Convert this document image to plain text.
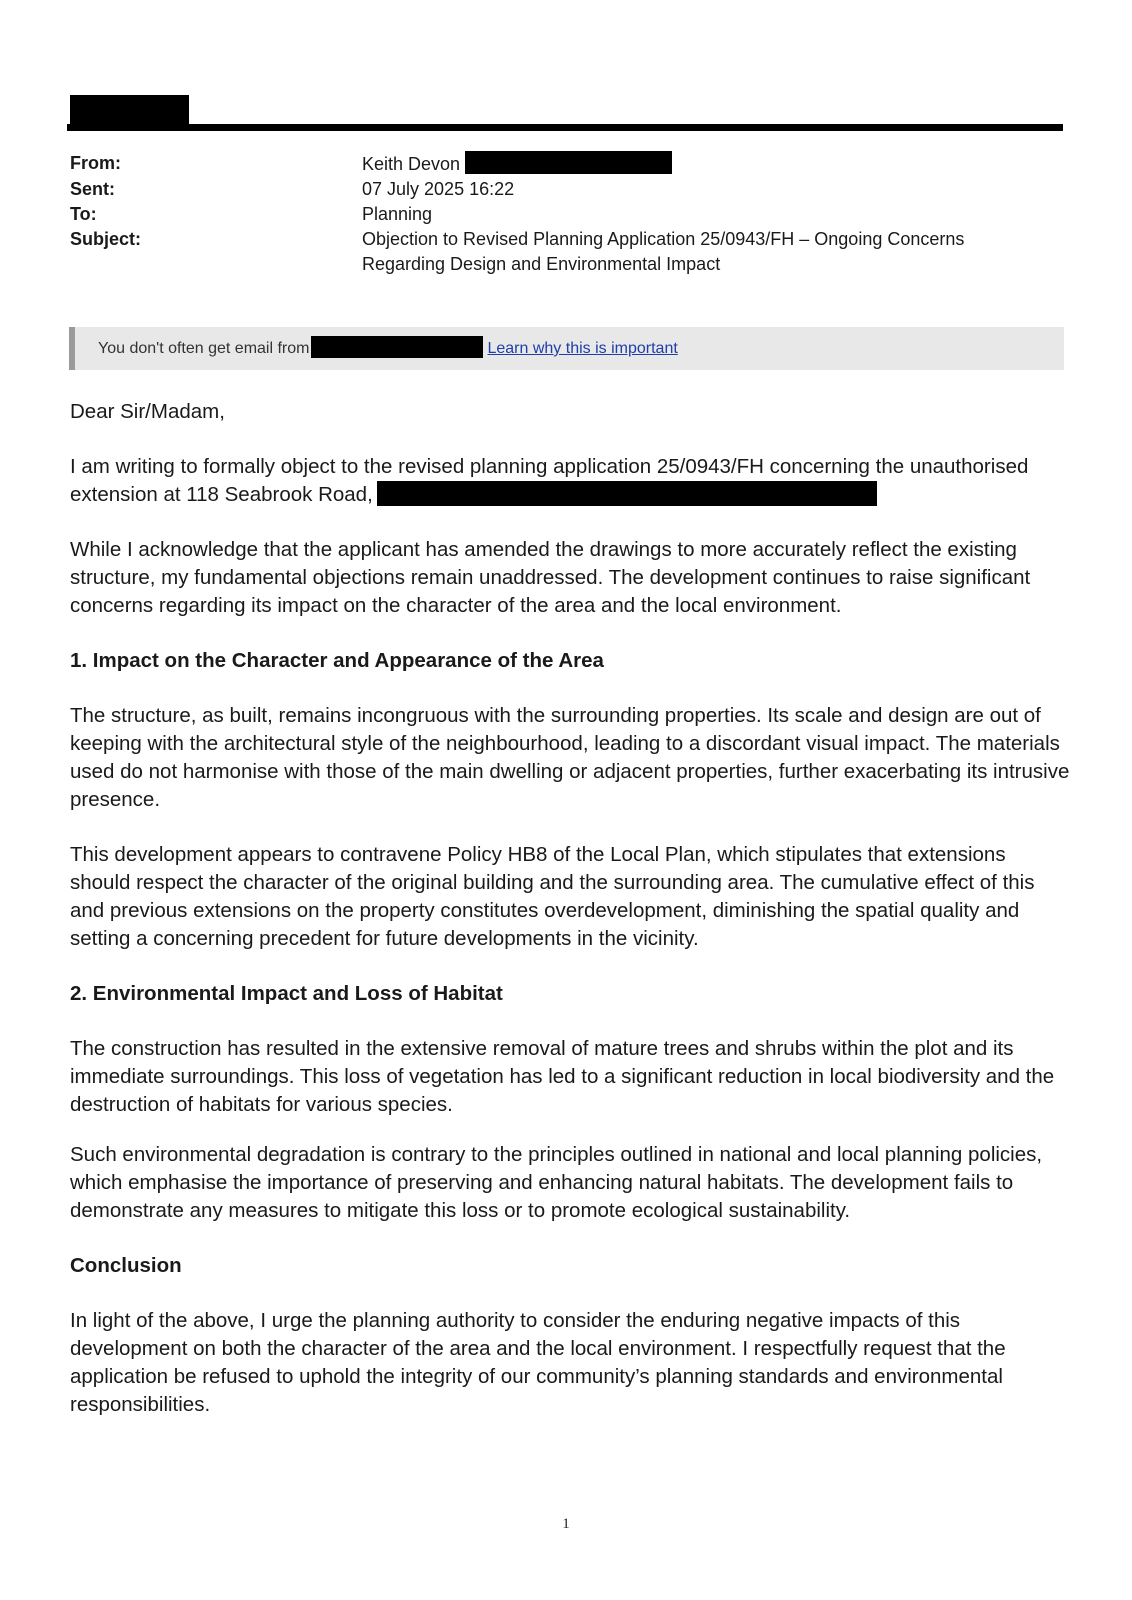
From:	Keith Devon
Sent:	07 July 2025 16:22
To:	Planning
Subject:	Objection to Revised Planning Application 25/0943/FH – Ongoing Concerns
Regarding Design and Environmental Impact
You don't often get email from	Learn why this is important

Dear Sir/Madam,

I am writing to formally object to the revised planning application 25/0943/FH concerning the unauthorised extension at 118 Seabrook Road,

While I acknowledge that the applicant has amended the drawings to more accurately reflect the existing structure, my fundamental objections remain unaddressed. The development continues to raise significant concerns regarding its impact on the character of the area and the local environment.

1. Impact on the Character and Appearance of the Area

The structure, as built, remains incongruous with the surrounding properties. Its scale and design are out of keeping with the architectural style of the neighbourhood, leading to a discordant visual impact. The materials used do not harmonise with those of the main dwelling or adjacent properties, further exacerbating its intrusive presence.

This development appears to contravene Policy HB8 of the Local Plan, which stipulates that extensions should respect the character of the original building and the surrounding area. The cumulative effect of this and previous extensions on the property constitutes overdevelopment, diminishing the spatial quality and setting a concerning precedent for future developments in the vicinity.

2. Environmental Impact and Loss of Habitat

The construction has resulted in the extensive removal of mature trees and shrubs within the plot and its immediate surroundings. This loss of vegetation has led to a significant reduction in local biodiversity and the destruction of habitats for various species.

Such environmental degradation is contrary to the principles outlined in national and local planning policies, which emphasise the importance of preserving and enhancing natural habitats. The development fails to demonstrate any measures to mitigate this loss or to promote ecological sustainability.

Conclusion

In light of the above, I urge the planning authority to consider the enduring negative impacts of this development on both the character of the area and the local environment. I respectfully request that the application be refused to uphold the integrity of our community’s planning standards and environmental responsibilities.

1
